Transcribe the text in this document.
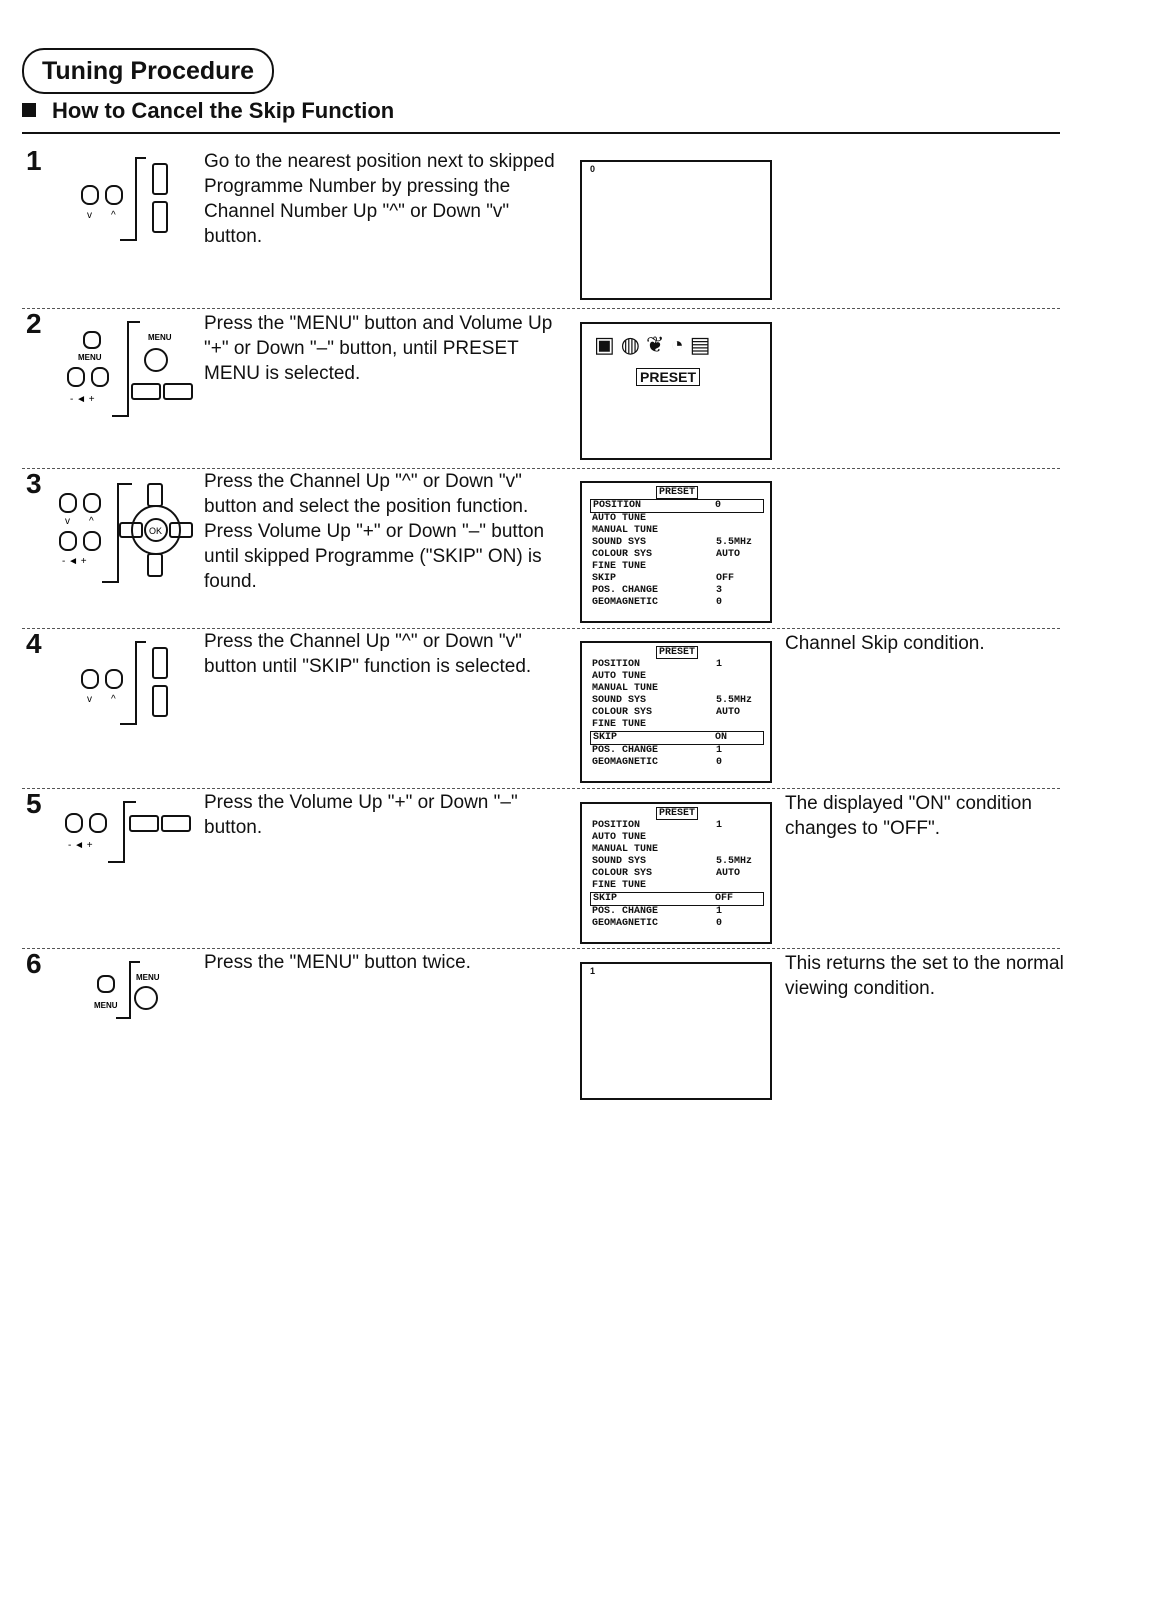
Tuning Procedure
How to Cancel the Skip Function
1
v ^
Go to the nearest position next to skipped Programme Number by pressing the Channel Number Up "^" or Down "v" button.
0
2
MENU
- ◄ +
MENU
Press the "MENU" button and Volume Up "+" or Down "–" button, until PRESET MENU is selected.
▣◍❦◔▤
PRESET
3
v ^
- ◄ +
OK
Press the Channel Up "^" or Down "v" button and select the position function. Press Volume Up "+" or Down "–" button until skipped Programme ("SKIP" ON) is found.
PRESET
POSITION	0
AUTO TUNE
MANUAL TUNE
SOUND SYS	5.5MHz
COLOUR SYS	AUTO
FINE TUNE
SKIP	OFF
POS. CHANGE	3
GEOMAGNETIC	0
4
v ^
Press the Channel Up "^" or Down "v" button until "SKIP" function is selected.
PRESET
POSITION	1
AUTO TUNE
MANUAL TUNE
SOUND SYS	5.5MHz
COLOUR SYS	AUTO
FINE TUNE
SKIP	ON
POS. CHANGE	1
GEOMAGNETIC	0
Channel Skip condition.
5
- ◄ +
Press the Volume Up "+" or Down "–" button.
PRESET
POSITION	1
AUTO TUNE
MANUAL TUNE
SOUND SYS	5.5MHz
COLOUR SYS	AUTO
FINE TUNE
SKIP	OFF
POS. CHANGE	1
GEOMAGNETIC	0
The displayed "ON" condition changes to "OFF".
6
MENU
MENU
Press the "MENU" button twice.	1	This returns the set to the normal viewing condition.
